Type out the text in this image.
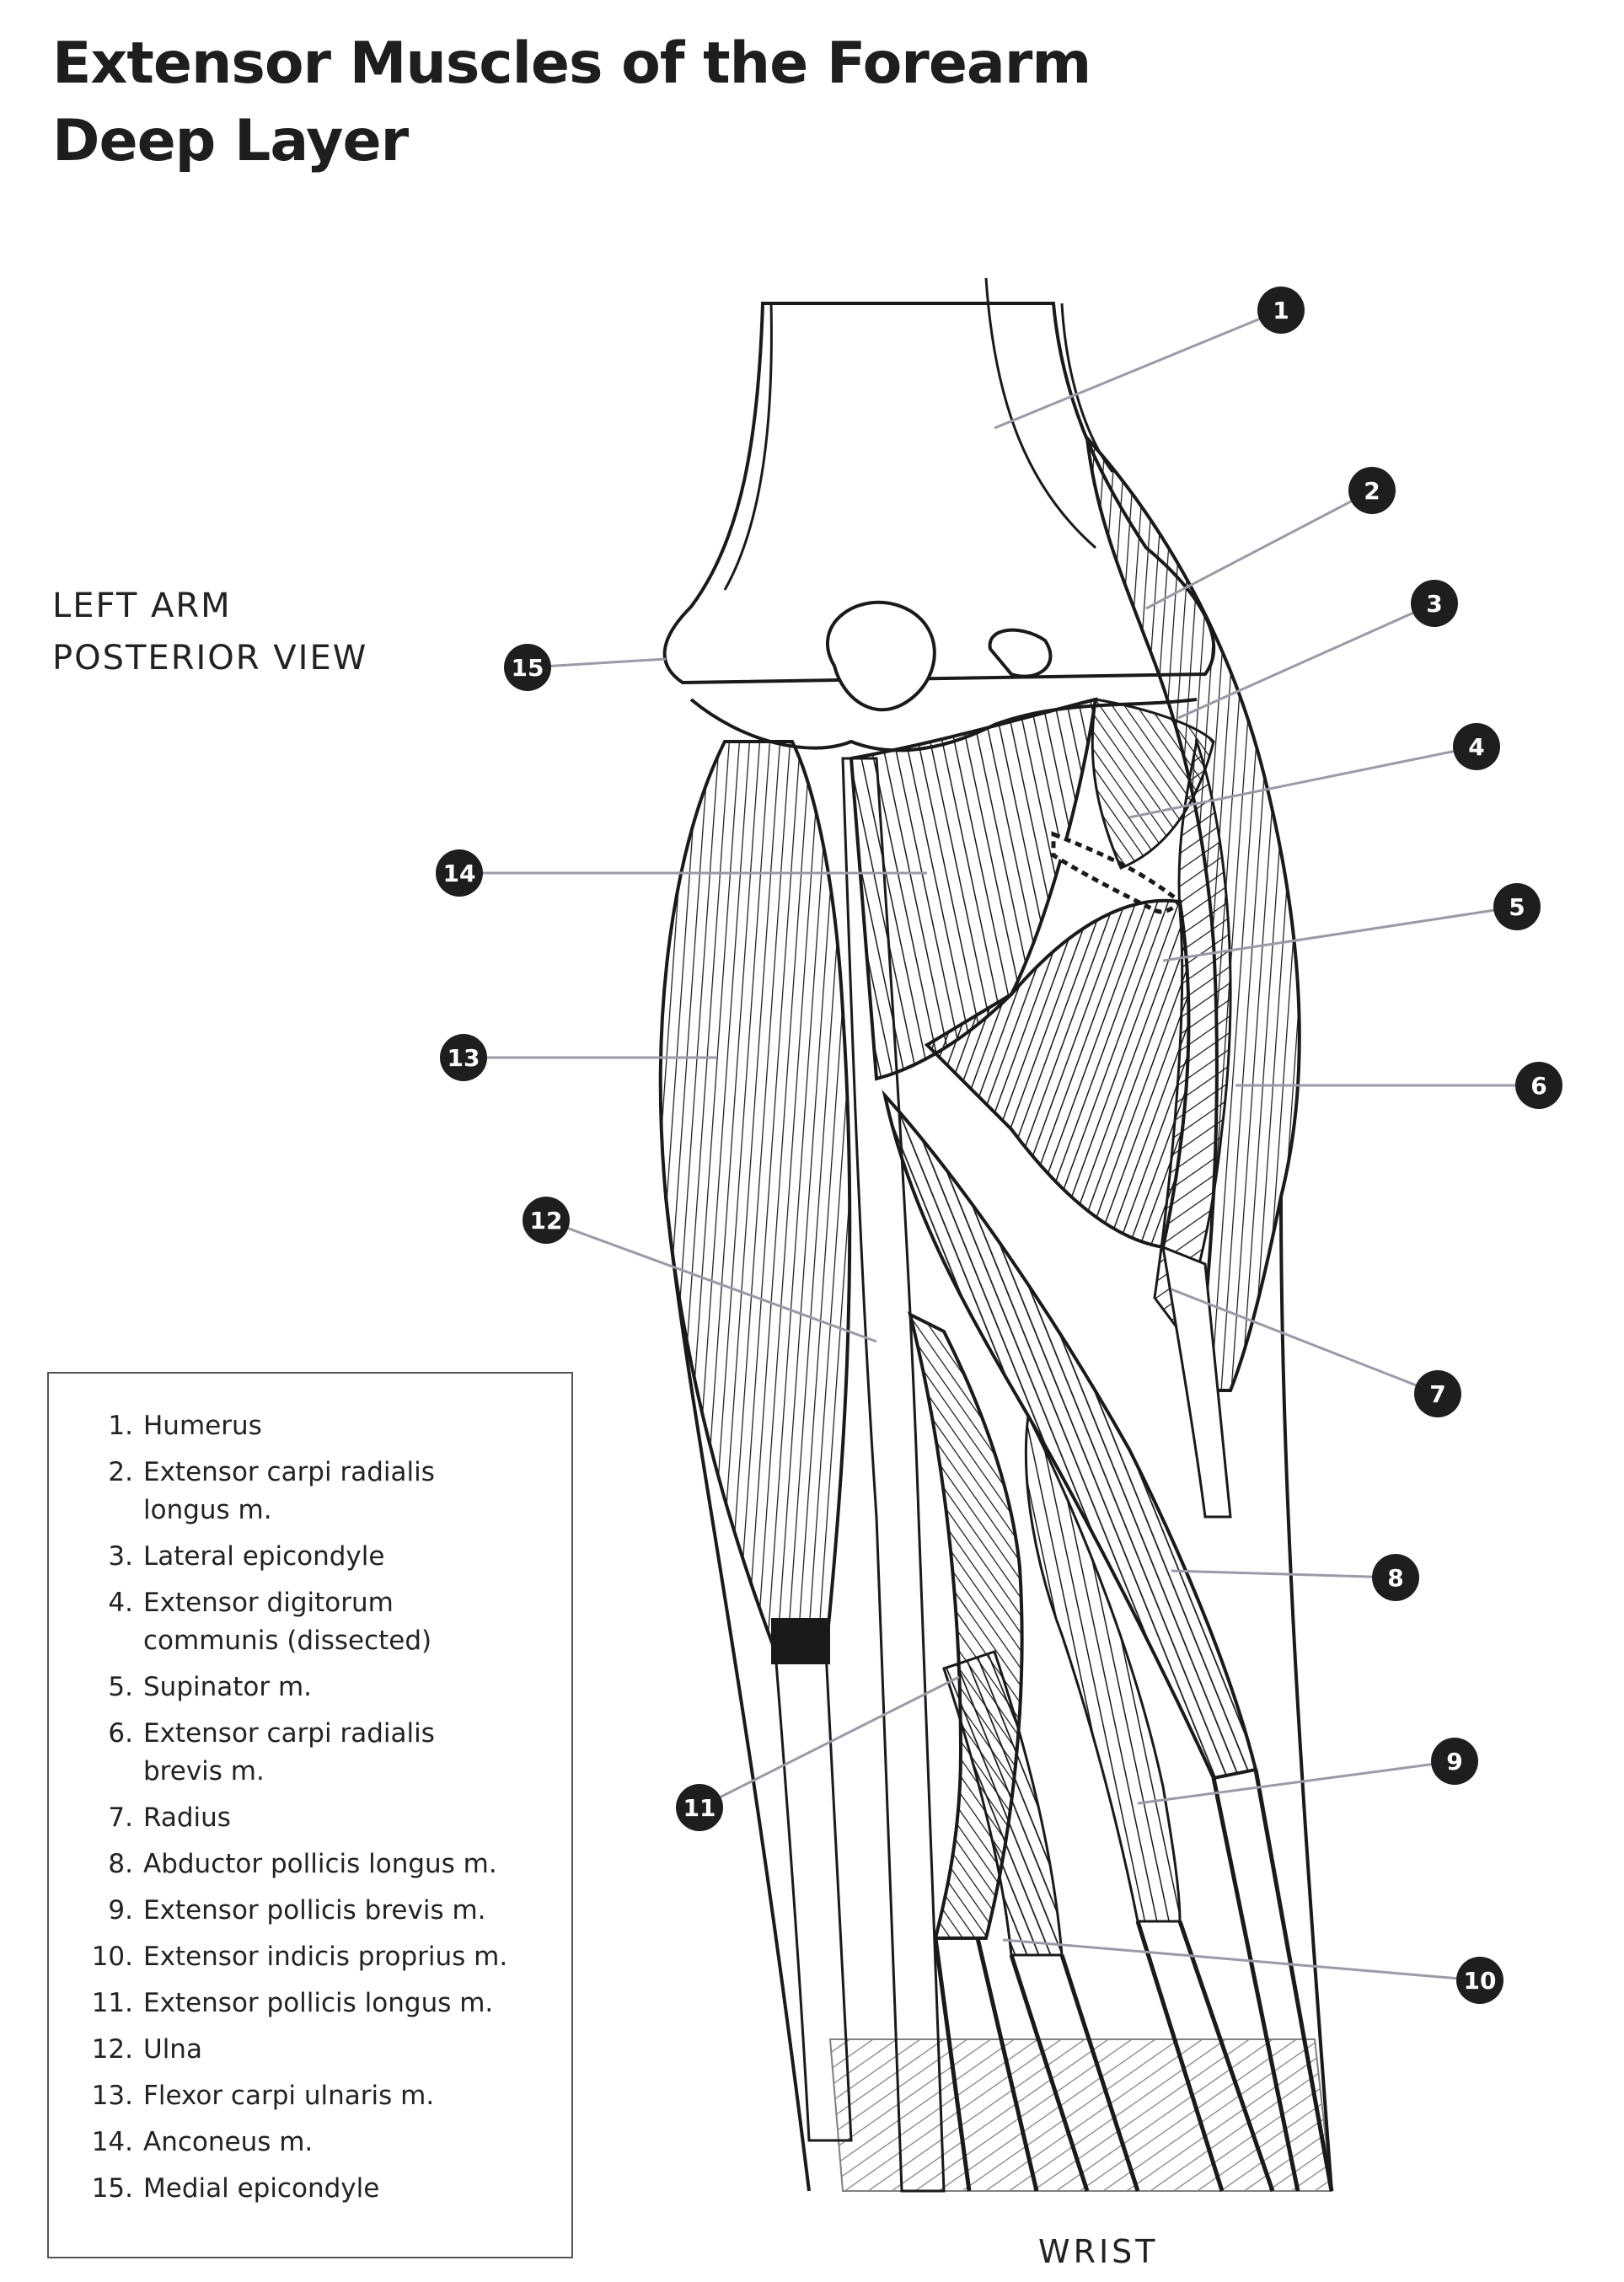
Extensor Muscles of the Forearm
Deep Layer
LEFT ARM
POSTERIOR VIEW
1
2
3
4
5
6
7
8
9
10
11
12
13
14
15
1. Humerus
2. Extensor carpi radialis
longus m.
3. Lateral epicondyle
4. Extensor digitorum
communis (dissected)
5. Supinator m.
6. Extensor carpi radialis
brevis m.
7. Radius
8. Abductor pollicis longus m.
9. Extensor pollicis brevis m.
10. Extensor indicis proprius m.
11. Extensor pollicis longus m.
12. Ulna
13. Flexor carpi ulnaris m.
14. Anconeus m.
15. Medial epicondyle
WRIST
